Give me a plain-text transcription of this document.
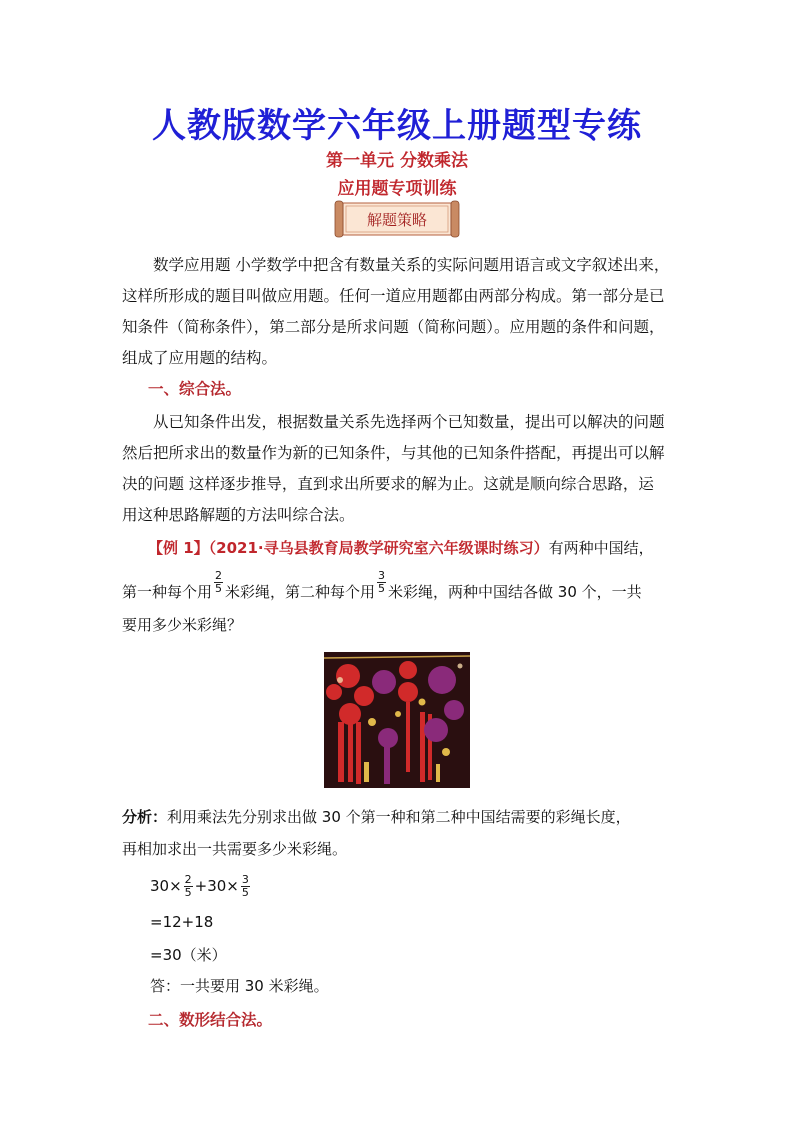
人教版数学六年级上册题型专练
第一单元 分数乘法
应用题专项训练
解题策略
数学应用题 小学数学中把含有数量关系的实际问题用语言或文字叙述出来，
这样所形成的题目叫做应用题。任何一道应用题都由两部分构成。第一部分是已
知条件（简称条件），第二部分是所求问题（简称问题）。应用题的条件和问题，
组成了应用题的结构。
一、综合法。
从已知条件出发，根据数量关系先选择两个已知数量，提出可以解决的问题
然后把所求出的数量作为新的已知条件，与其他的已知条件搭配，再提出可以解
决的问题 这样逐步推导，直到求出所要求的解为止。这就是顺向综合思路，运
用这种思路解题的方法叫综合法。
【例 1】（2021·寻乌县教育局教学研究室六年级课时练习）有两种中国结，
第一种每个用 $\frac{2}{5}$ 米彩绳，第二种每个用 $\frac{3}{5}$ 米彩绳，两种中国结各做 30 个，一共
要用多少米彩绳？
分析：利用乘法先分别求出做 30 个第一种和第二种中国结需要的彩绳长度，
再相加求出一共需要多少米彩绳。
$30\times \frac{2}{5} +30\times \frac{3}{5}$
=12+18
=30（米）
答：一共要用 30 米彩绳。
二、数形结合法。
